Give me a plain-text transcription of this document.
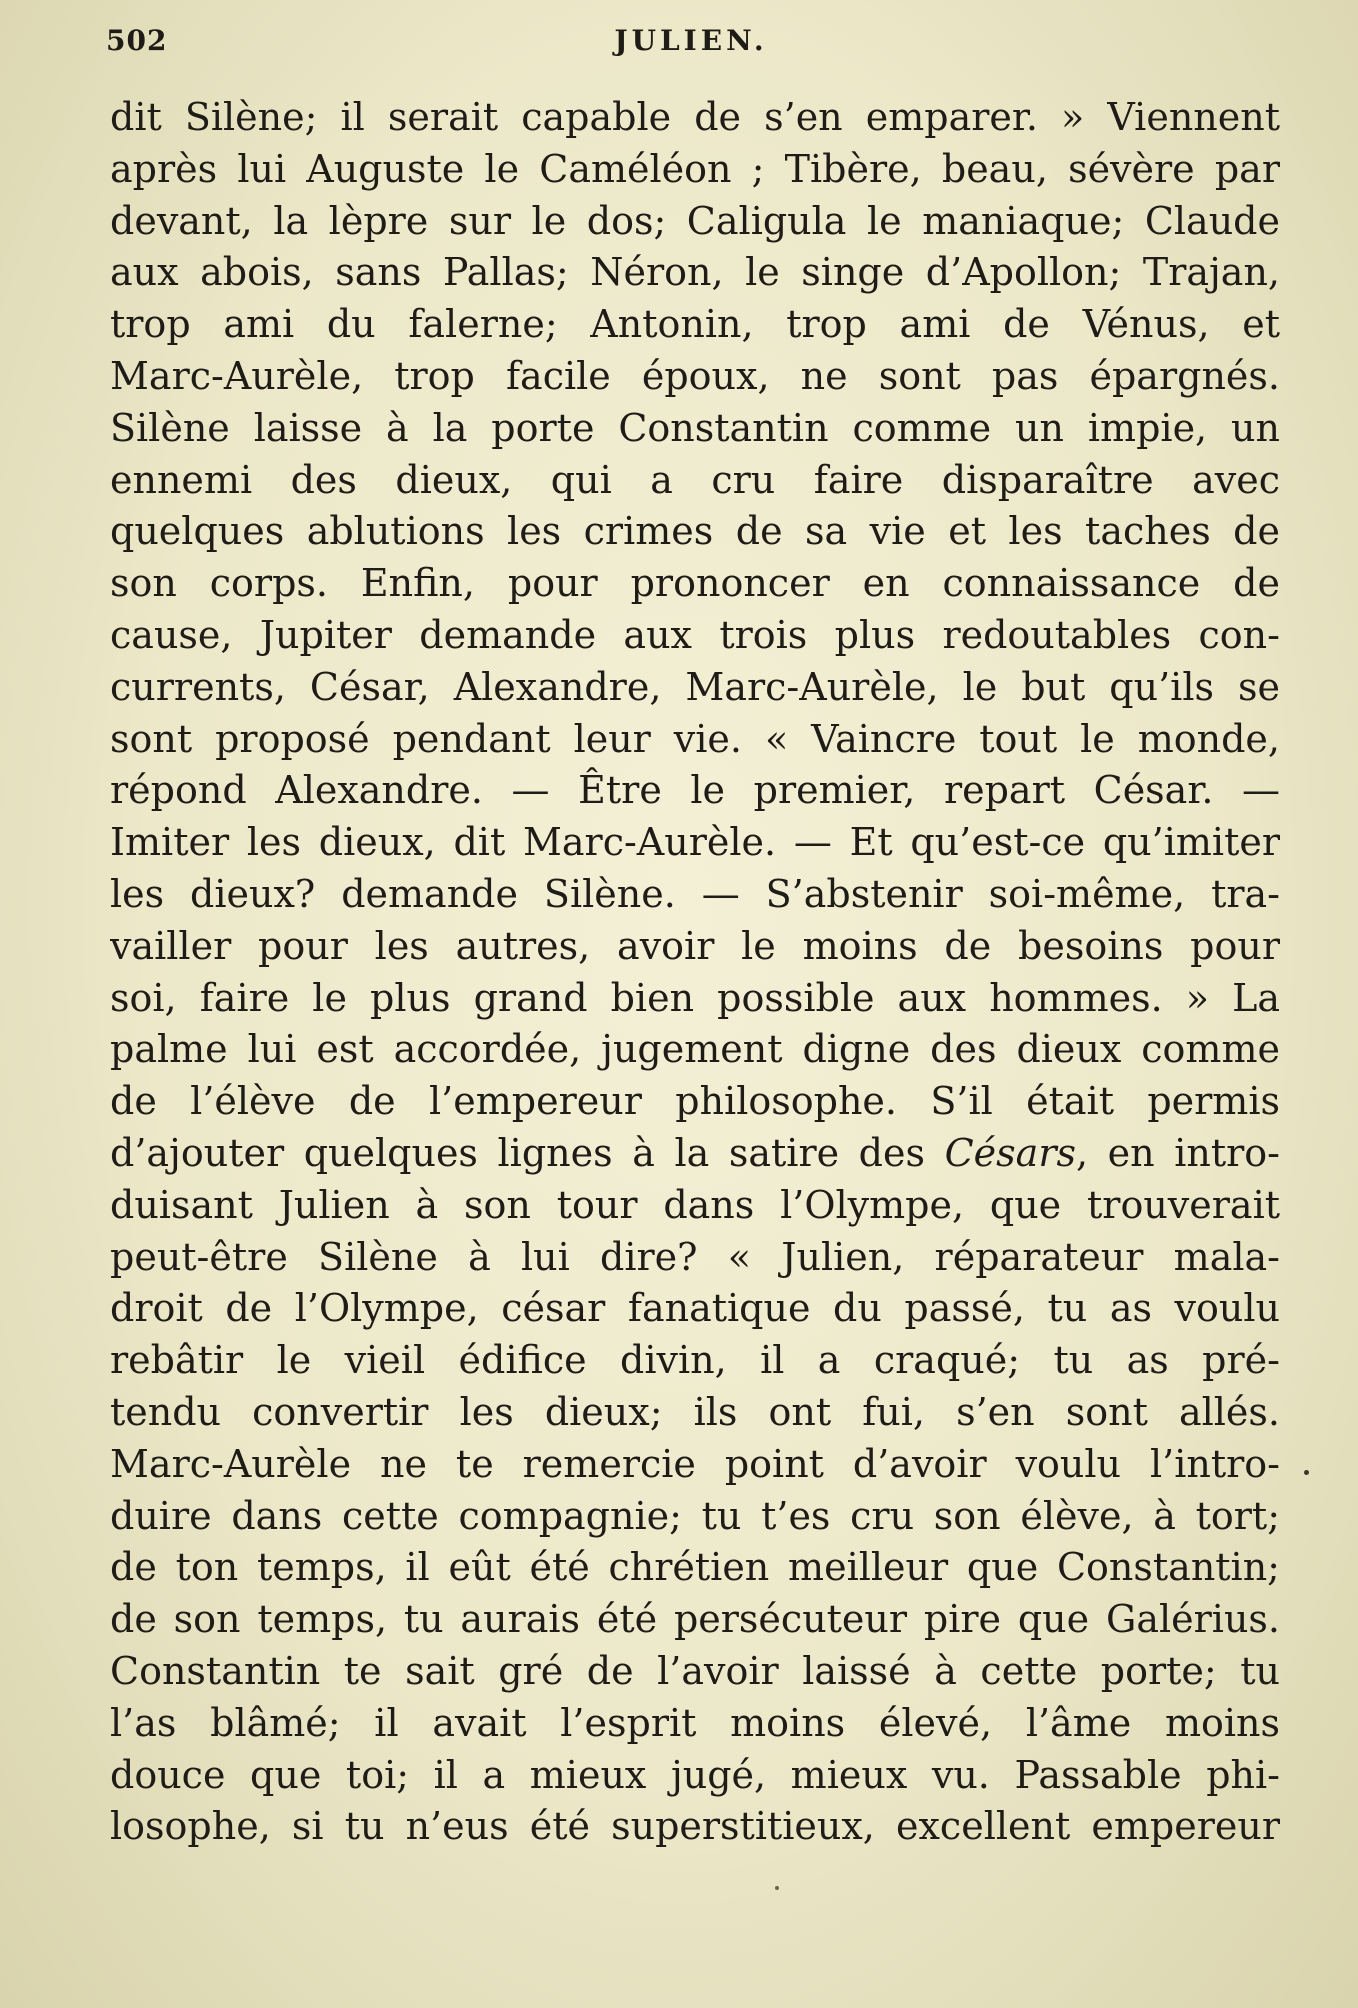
502	JULIEN.
dit Silène; il serait capable de s’en emparer. » Viennent
après lui Auguste le Caméléon ; Tibère, beau, sévère par
devant, la lèpre sur le dos; Caligula le maniaque; Claude
aux abois, sans Pallas; Néron, le singe d’Apollon; Trajan,
trop ami du falerne; Antonin, trop ami de Vénus, et
Marc-Aurèle, trop facile époux, ne sont pas épargnés.
Silène laisse à la porte Constantin comme un impie, un
ennemi des dieux, qui a cru faire disparaître avec
quelques ablutions les crimes de sa vie et les taches de
son corps. Enfin, pour prononcer en connaissance de
cause, Jupiter demande aux trois plus redoutables con-
currents, César, Alexandre, Marc-Aurèle, le but qu’ils se
sont proposé pendant leur vie. « Vaincre tout le monde,
répond Alexandre. — Être le premier, repart César. —
Imiter les dieux, dit Marc-Aurèle. — Et qu’est-ce qu’imiter
les dieux? demande Silène. — S’abstenir soi-même, tra-
vailler pour les autres, avoir le moins de besoins pour
soi, faire le plus grand bien possible aux hommes. » La
palme lui est accordée, jugement digne des dieux comme
de l’élève de l’empereur philosophe. S’il était permis
d’ajouter quelques lignes à la satire des Césars, en intro-
duisant Julien à son tour dans l’Olympe, que trouverait
peut-être Silène à lui dire? « Julien, réparateur mala-
droit de l’Olympe, césar fanatique du passé, tu as voulu
rebâtir le vieil édifice divin, il a craqué; tu as pré-
tendu convertir les dieux; ils ont fui, s’en sont allés.
Marc-Aurèle ne te remercie point d’avoir voulu l’intro-
duire dans cette compagnie; tu t’es cru son élève, à tort;
de ton temps, il eût été chrétien meilleur que Constantin;
de son temps, tu aurais été persécuteur pire que Galérius.
Constantin te sait gré de l’avoir laissé à cette porte; tu
l’as blâmé; il avait l’esprit moins élevé, l’âme moins
douce que toi; il a mieux jugé, mieux vu. Passable phi-
losophe, si tu n’eus été superstitieux, excellent empereur
